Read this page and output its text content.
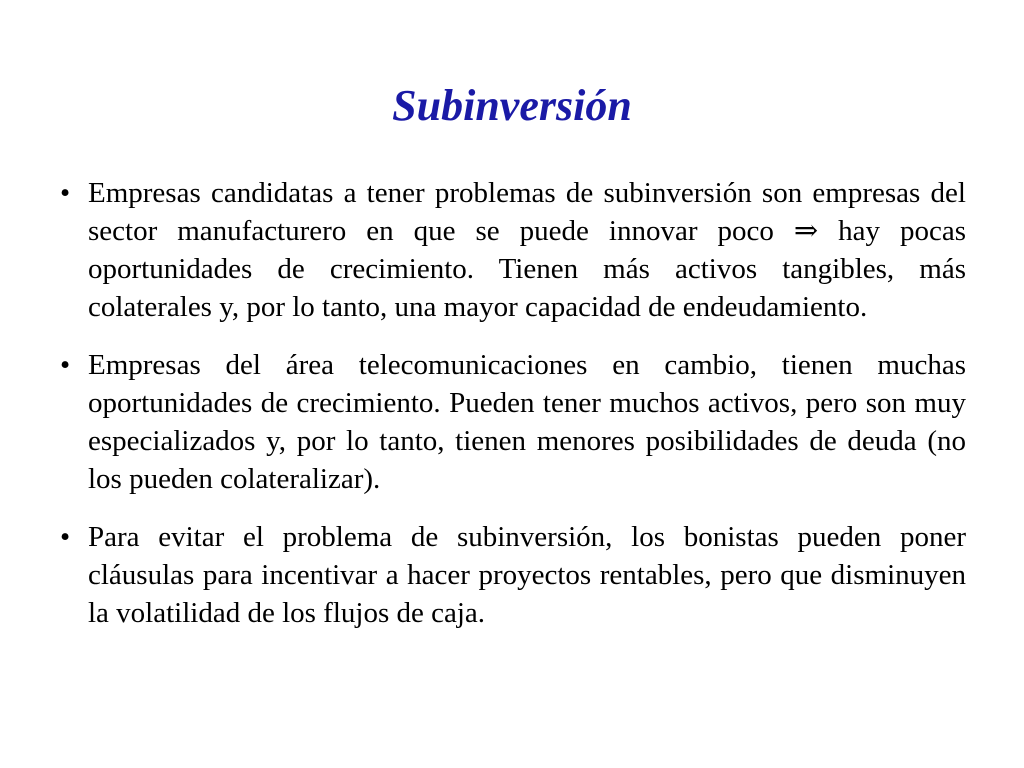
Subinversión
• Empresas candidatas a tener problemas de subinversión son empresas del sector manufacturero en que se puede innovar poco ⇒ hay pocas oportunidades de crecimiento. Tienen más activos tangibles, más colaterales y, por lo tanto, una mayor capacidad de endeudamiento.
• Empresas del área telecomunicaciones en cambio, tienen muchas oportunidades de crecimiento. Pueden tener muchos activos, pero son muy especializados y, por lo tanto, tienen menores posibilidades de deuda (no los pueden colateralizar).
• Para evitar el problema de subinversión, los bonistas pueden poner cláusulas para incentivar a hacer proyectos rentables, pero que disminuyen la volatilidad de los flujos de caja.
